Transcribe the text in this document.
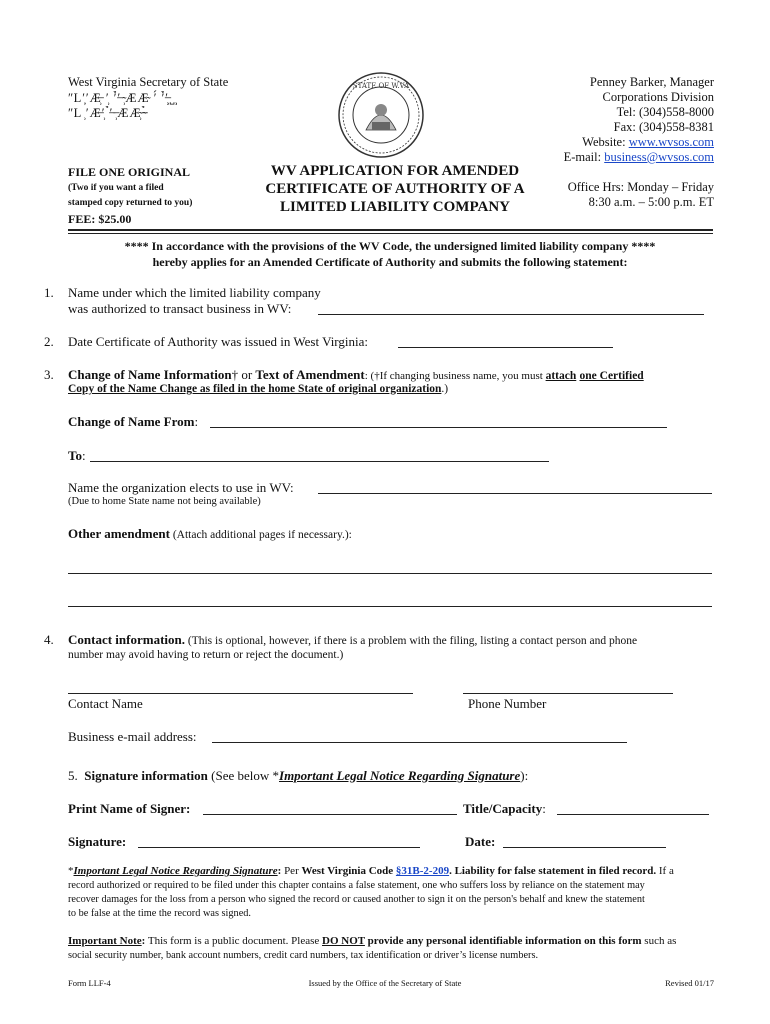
West Virginia Secretary of State
ʺLʹ̦ʹÆ̶̹ ʹ̹ ʹ̉ʹ̶ ̴̹ÆÆ̴ ʹ́ ʹ̉ʹ̶̹̹̹ ̺ ̹̹
ʺL ̹ʹÆ̶ʹ̹ ̉ʹ̶ ̶̹ÆÆ̴̹ ̴̶̉
STATE OF W.VA	Penney Barker, Manager
Corporations Division
Tel: (304)558-8000
Fax: (304)558-8381
Website: www.wvsos.com
E-mail: business@wvsos.com
Office Hrs: Monday – Friday
8:30 a.m. – 5:00 p.m. ET
FILE ONE ORIGINAL
(Two if you want a filed
stamped copy returned to you)
FEE: $25.00
WV APPLICATION FOR AMENDED
CERTIFICATE OF AUTHORITY OF A
LIMITED LIABILITY COMPANY
**** In accordance with the provisions of the WV Code, the undersigned limited liability company ****
hereby applies for an Amended Certificate of Authority and submits the following statement:
1. Name under which the limited liability company
was authorized to transact business in WV:
2. Date Certificate of Authority was issued in West Virginia:
3. Change of Name Information† or Text of Amendment: (†If changing business name, you must attach one Certified
Copy of the Name Change as filed in the home State of original organization.)
Change of Name From:
To:
Name the organization elects to use in WV:
(Due to home State name not being available)
Other amendment (Attach additional pages if necessary.):
4. Contact information. (This is optional, however, if there is a problem with the filing, listing a contact person and phone
number may avoid having to return or reject the document.)
Contact Name	Phone Number
Business e-mail address:
5. Signature information (See below *Important Legal Notice Regarding Signature):
Print Name of Signer:	Title/Capacity:
Signature:	Date:
*Important Legal Notice Regarding Signature: Per West Virginia Code §31B-2-209. Liability for false statement in filed record. If a
record authorized or required to be filed under this chapter contains a false statement, one who suffers loss by reliance on the statement may
recover damages for the loss from a person who signed the record or caused another to sign it on the person's behalf and knew the statement
to be false at the time the record was signed.
Important Note: This form is a public document. Please DO NOT provide any personal identifiable information on this form such as
social security number, bank account numbers, credit card numbers, tax identification or driver’s license numbers.
Form LLF-4	Issued by the Office of the Secretary of State	Revised 01/17
